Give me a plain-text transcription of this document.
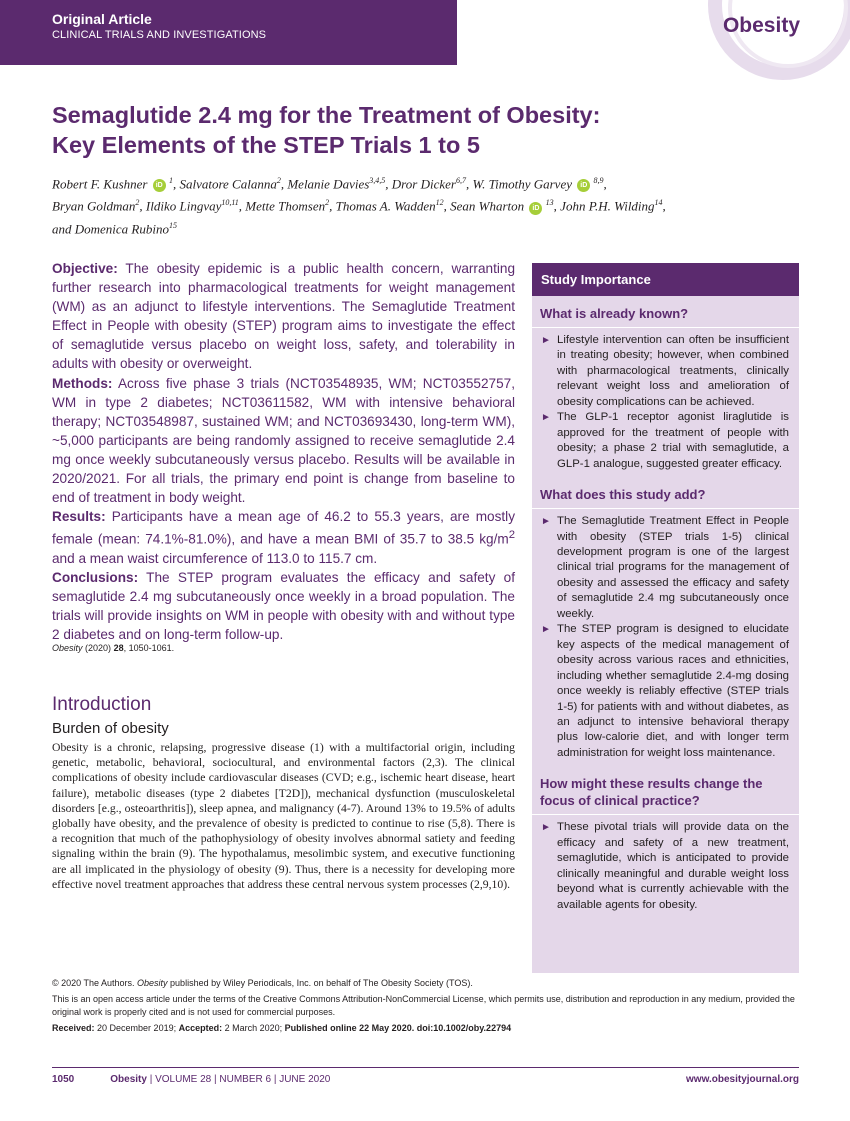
Original Article
CLINICAL TRIALS AND INVESTIGATIONS	Obesity
Semaglutide 2.4 mg for the Treatment of Obesity:
Key Elements of the STEP Trials 1 to 5
Robert F. Kushner iD $^1$, Salvatore Calanna$^2$, Melanie Davies$^{3,4,5}$, Dror Dicker$^{6,7}$, W. Timothy Garvey iD $^{8,9}$,
Bryan Goldman$^2$, Ildiko Lingvay$^{10,11}$, Mette Thomsen$^2$, Thomas A. Wadden$^{12}$, Sean Wharton iD $^{13}$, John P.H. Wilding$^{14}$,
and Domenica Rubino$^{15}$

Objective: The obesity epidemic is a public health concern, warranting further research into pharmacological treatments for weight management (WM) as an adjunct to lifestyle interventions. The Semaglutide Treatment Effect in People with obesity (STEP) program aims to investigate the effect of semaglutide versus placebo on weight loss, safety, and tolerability in adults with obesity or overweight.

Methods: Across five phase 3 trials (NCT03548935, WM; NCT03552757, WM in type 2 diabetes; NCT03611582, WM with intensive behavioral therapy; NCT03548987, sustained WM; and NCT03693430, long-term WM), ~5,000 participants are being randomly assigned to receive semaglutide 2.4 mg once weekly subcutaneously versus placebo. Results will be available in 2020/2021. For all trials, the primary end point is change from baseline to end of treatment in body weight.

Results: Participants have a mean age of 46.2 to 55.3 years, are mostly female (mean: 74.1%-81.0%), and have a mean BMI of 35.7 to 38.5 $kg/m^2$ and a mean waist circumference of 113.0 to 115.7 cm.

Conclusions: The STEP program evaluates the efficacy and safety of semaglutide 2.4 mg subcutaneously once weekly in a broad population. The trials will provide insights on WM in people with obesity with and without type 2 diabetes and on long-term follow-up.

Obesity (2020) 28, 1050-1061.
Introduction
Burden of obesity
Obesity is a chronic, relapsing, progressive disease (1) with a multifactorial origin, including genetic, metabolic, behavioral, sociocultural, and environmental factors (2,3). The clinical complications of obesity include cardiovascular diseases (CVD; e.g., ischemic heart disease, heart failure), metabolic diseases (type 2 diabetes [T2D]), mechanical dysfunction (musculoskeletal disorders [e.g., osteoarthritis]), sleep apnea, and malignancy (4-7). Around 13% to 19.5% of adults globally have obesity, and the prevalence of obesity is predicted to continue to rise (5,8). There is a recognition that much of the pathophysiology of obesity involves abnormal satiety and feeding signaling within the brain (9). The hypothalamus, mesolimbic system, and executive functioning are all implicated in the physiology of obesity (9). Thus, there is a necessity for developing more effective novel treatment approaches that address these central nervous system processes (2,9,10).
Study Importance
What is already known?
► Lifestyle intervention can often be insufficient in treating obesity; however, when combined with pharmacological treatments, clinically relevant weight loss and amelioration of obesity complications can be achieved.
► The GLP-1 receptor agonist liraglutide is approved for the treatment of people with obesity; a phase 2 trial with semaglutide, a GLP-1 analogue, suggested greater efficacy.
What does this study add?
► The Semaglutide Treatment Effect in People with obesity (STEP trials 1-5) clinical development program is one of the largest clinical trial programs for the management of obesity and assessed the efficacy and safety of semaglutide 2.4 mg subcutaneously once weekly.
► The STEP program is designed to elucidate key aspects of the medical management of obesity across various races and ethnicities, including whether semaglutide 2.4-mg dosing once weekly is reliably effective (STEP trials 1-5) for patients with and without diabetes, as an adjunct to intensive behavioral therapy plus low-calorie diet, and with longer term administration for weight loss maintenance.
How might these results change the focus of clinical practice?
► These pivotal trials will provide data on the efficacy and safety of a new treatment, semaglutide, which is anticipated to provide clinically meaningful and durable weight loss beyond what is currently achievable with the available agents for obesity.
© 2020 The Authors. Obesity published by Wiley Periodicals, Inc. on behalf of The Obesity Society (TOS).
This is an open access article under the terms of the Creative Commons Attribution-NonCommercial License, which permits use, distribution and reproduction in any medium, provided the original work is properly cited and is not used for commercial purposes.
Received: 20 December 2019; Accepted: 2 March 2020; Published online 22 May 2020. doi:10.1002/oby.22794
1050	Obesity | VOLUME 28 | NUMBER 6 | JUNE 2020	www.obesityjournal.org
